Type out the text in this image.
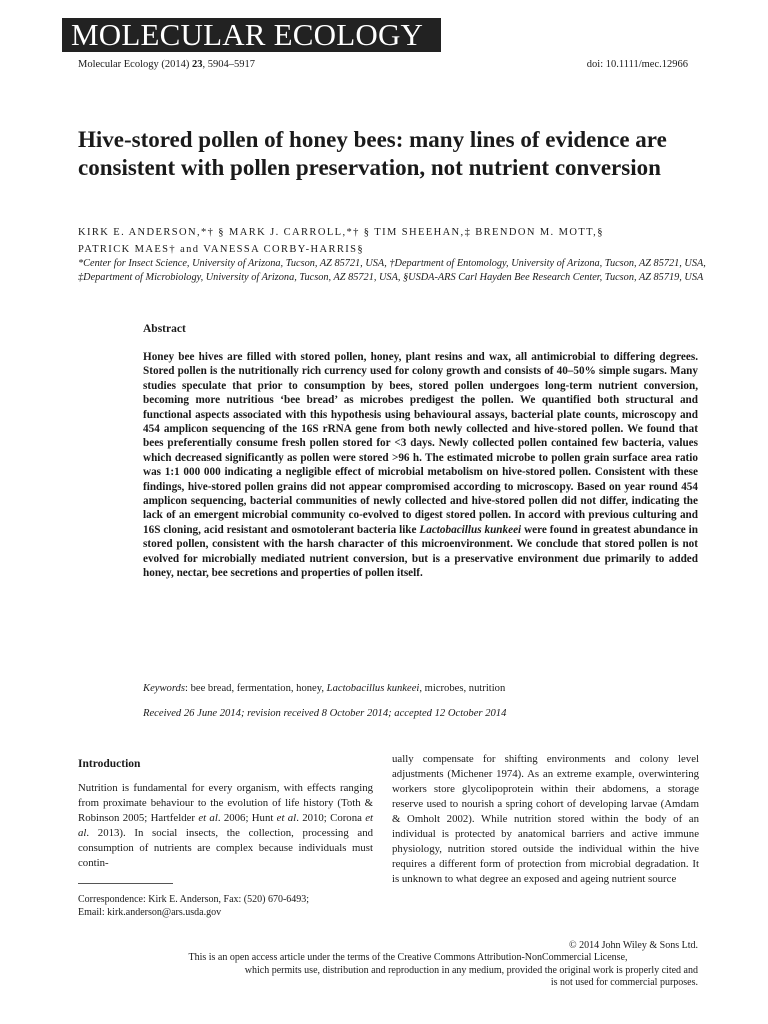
MOLECULAR ECOLOGY
Molecular Ecology (2014) 23, 5904–5917	doi: 10.1111/mec.12966
Hive-stored pollen of honey bees: many lines of evidence are consistent with pollen preservation, not nutrient conversion
KIRK E. ANDERSON,*† § MARK J. CARROLL,*† § TIM SHEEHAN,‡ BRENDON M. MOTT,§
PATRICK MAES† and VANESSA CORBY-HARRIS§
*Center for Insect Science, University of Arizona, Tucson, AZ 85721, USA, †Department of Entomology, University of Arizona, Tucson, AZ 85721, USA, ‡Department of Microbiology, University of Arizona, Tucson, AZ 85721, USA, §USDA-ARS Carl Hayden Bee Research Center, Tucson, AZ 85719, USA
Abstract

Honey bee hives are filled with stored pollen, honey, plant resins and wax, all antimicrobial to differing degrees. Stored pollen is the nutritionally rich currency used for colony growth and consists of 40–50% simple sugars. Many studies speculate that prior to consumption by bees, stored pollen undergoes long-term nutrient conversion, becoming more nutritious ‘bee bread’ as microbes predigest the pollen. We quantified both structural and functional aspects associated with this hypothesis using behavioural assays, bacterial plate counts, microscopy and 454 amplicon sequencing of the 16S rRNA gene from both newly collected and hive-stored pollen. We found that bees preferentially consume fresh pollen stored for <3 days. Newly collected pollen contained few bacteria, values which decreased significantly as pollen were stored >96 h. The estimated microbe to pollen grain surface area ratio was 1:1 000 000 indicating a negligible effect of microbial metabolism on hive-stored pollen. Consistent with these findings, hive-stored pollen grains did not appear compromised according to microscopy. Based on year round 454 amplicon sequencing, bacterial communities of newly collected and hive-stored pollen did not differ, indicating the lack of an emergent microbial community co-evolved to digest stored pollen. In accord with previous culturing and 16S cloning, acid resistant and osmotolerant bacteria like Lactobacillus kunkeei were found in greatest abundance in stored pollen, consistent with the harsh character of this microenvironment. We conclude that stored pollen is not evolved for microbially mediated nutrient conversion, but is a preservative environment due primarily to added honey, nectar, bee secretions and properties of pollen itself.

Keywords: bee bread, fermentation, honey, Lactobacillus kunkeei, microbes, nutrition
Received 26 June 2014; revision received 8 October 2014; accepted 12 October 2014
Introduction

Nutrition is fundamental for every organism, with effects ranging from proximate behaviour to the evolution of life history (Toth & Robinson 2005; Hartfelder et al. 2006; Hunt et al. 2010; Corona et al. 2013). In social insects, the collection, processing and consumption of nutrients are complex because individuals must contin-

ually compensate for shifting environments and colony level adjustments (Michener 1974). As an extreme example, overwintering workers store glycolipoprotein within their abdomens, a storage reserve used to nourish a spring cohort of developing larvae (Amdam & Omholt 2002). While nutrition stored within the body of an individual is protected by anatomical barriers and active immune physiology, nutrition stored outside the individual within the hive requires a different form of protection from microbial degradation. It is unknown to what degree an exposed and ageing nutrient source

Correspondence: Kirk E. Anderson, Fax: (520) 670-6493;
Email: kirk.anderson@ars.usda.gov
© 2014 John Wiley & Sons Ltd.
This is an open access article under the terms of the Creative Commons Attribution-NonCommercial License,
which permits use, distribution and reproduction in any medium, provided the original work is properly cited and
is not used for commercial purposes.
